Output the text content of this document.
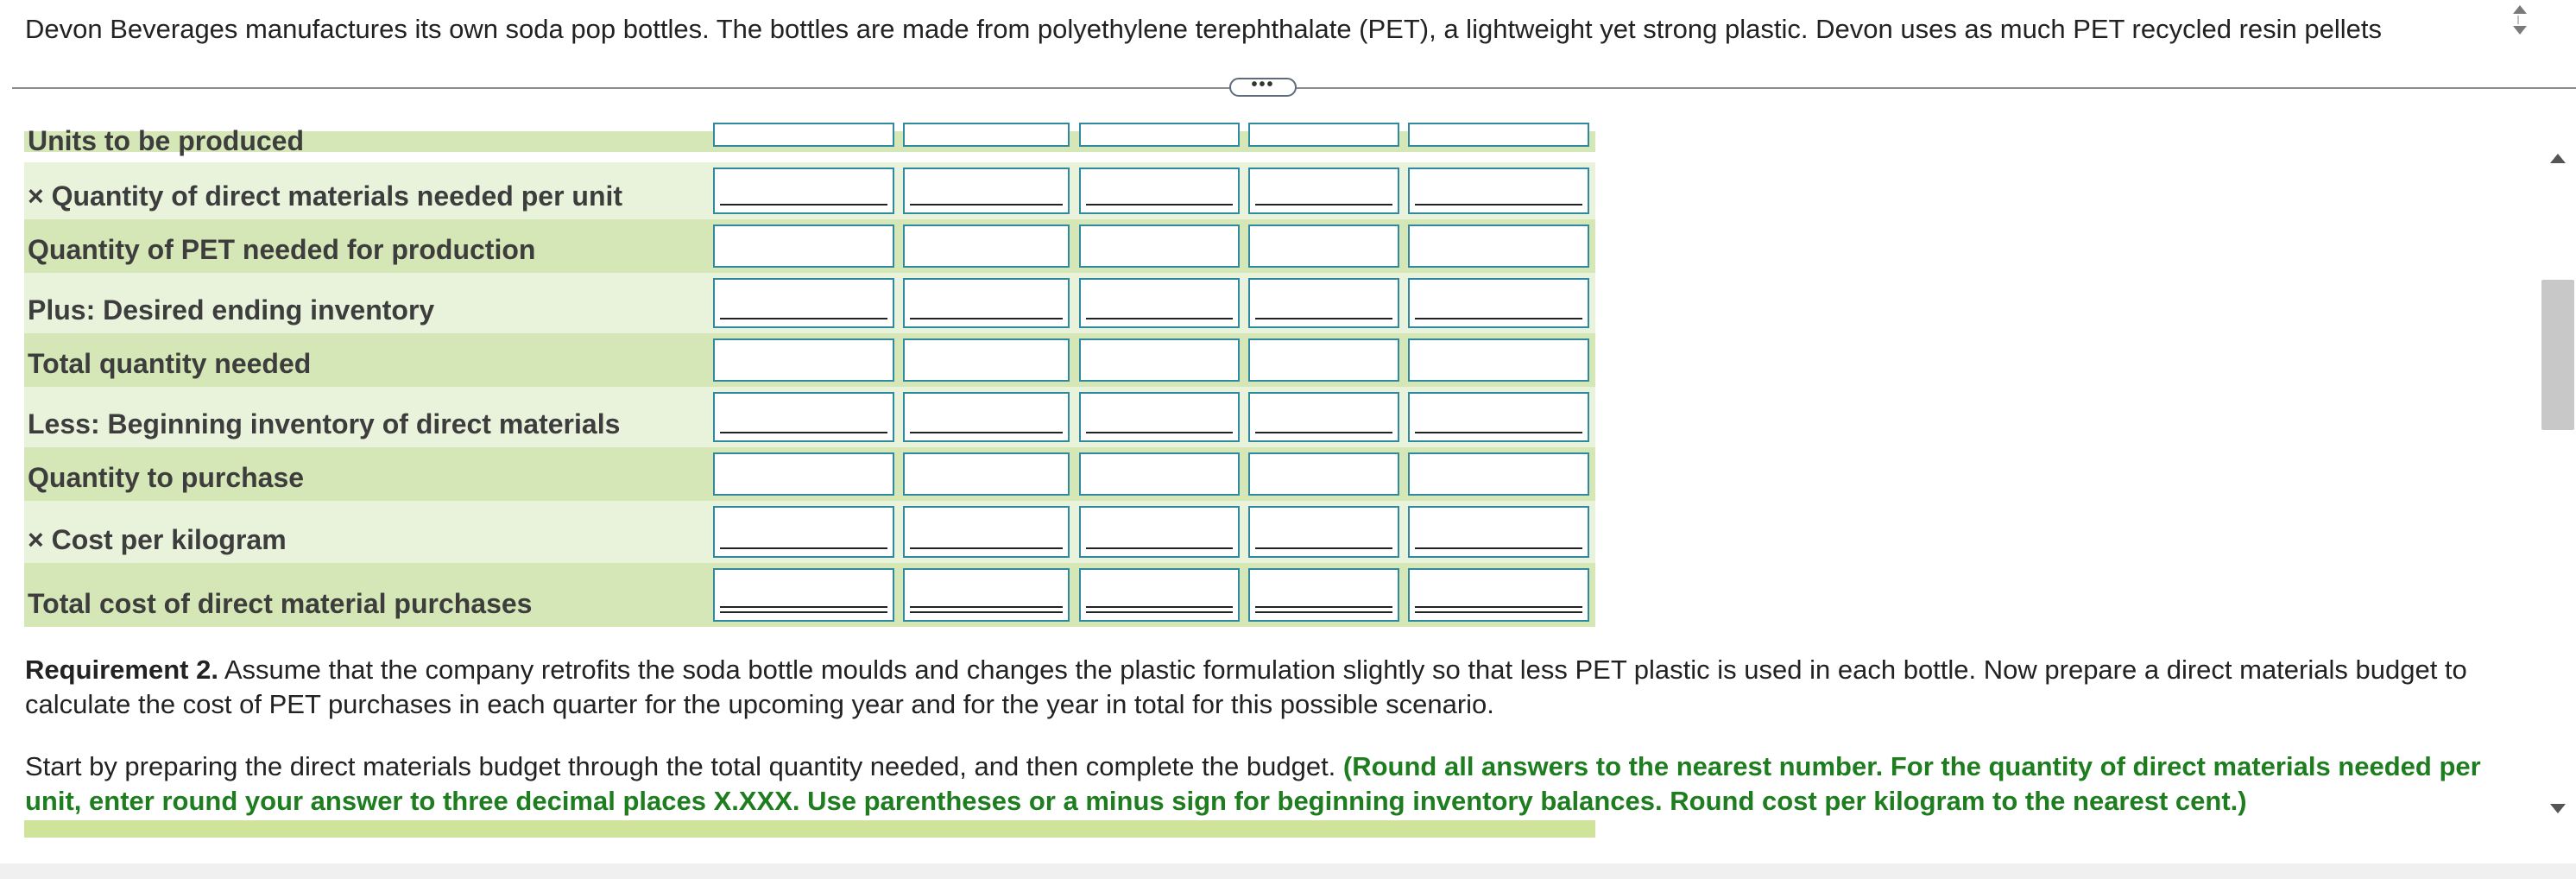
Devon Beverages manufactures its own soda pop bottles. The bottles are made from polyethylene terephthalate (PET), a lightweight yet strong plastic. Devon uses as much PET recycled resin pellets
•••
Units to be produced
× Quantity of direct materials needed per unit
Quantity of PET needed for production
Plus: Desired ending inventory
Total quantity needed
Less: Beginning inventory of direct materials
Quantity to purchase
× Cost per kilogram
Total cost of direct material purchases
Requirement 2. Assume that the company retrofits the soda bottle moulds and changes the plastic formulation slightly so that less PET plastic is used in each bottle. Now prepare a direct materials budget to calculate the cost of PET purchases in each quarter for the upcoming year and for the year in total for this possible scenario.
Start by preparing the direct materials budget through the total quantity needed, and then complete the budget. (Round all answers to the nearest number. For the quantity of direct materials needed per unit, enter round your answer to three decimal places X.XXX. Use parentheses or a minus sign for beginning inventory balances. Round cost per kilogram to the nearest cent.)
